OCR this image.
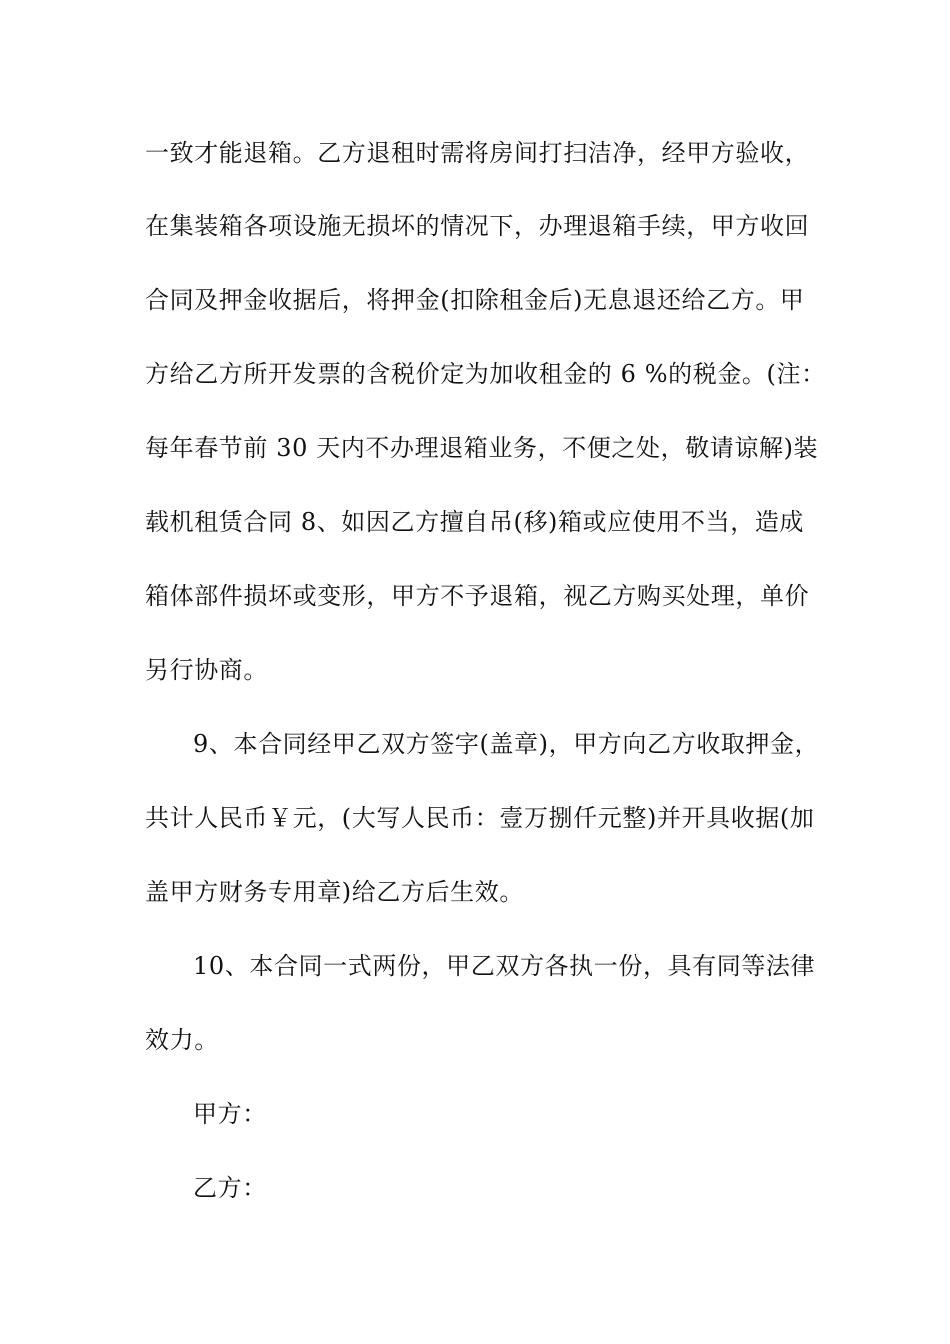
一致才能退箱。乙方退租时需将房间打扫洁净，经甲方验收，
在集装箱各项设施无损坏的情况下，办理退箱手续，甲方收回
合同及押金收据后，将押金(扣除租金后)无息退还给乙方。甲
方给乙方所开发票的含税价定为加收租金的 6 %的税金。(注：
每年春节前 30 天内不办理退箱业务，不便之处，敬请谅解)装
载机租赁合同 8、如因乙方擅自吊(移)箱或应使用不当，造成
箱体部件损坏或变形，甲方不予退箱，视乙方购买处理，单价
另行协商。
9、本合同经甲乙双方签字(盖章)，甲方向乙方收取押金，
共计人民币￥元，(大写人民币：壹万捌仟元整)并开具收据(加
盖甲方财务专用章)给乙方后生效。
10、本合同一式两份，甲乙双方各执一份，具有同等法律
效力。
甲方：
乙方：
